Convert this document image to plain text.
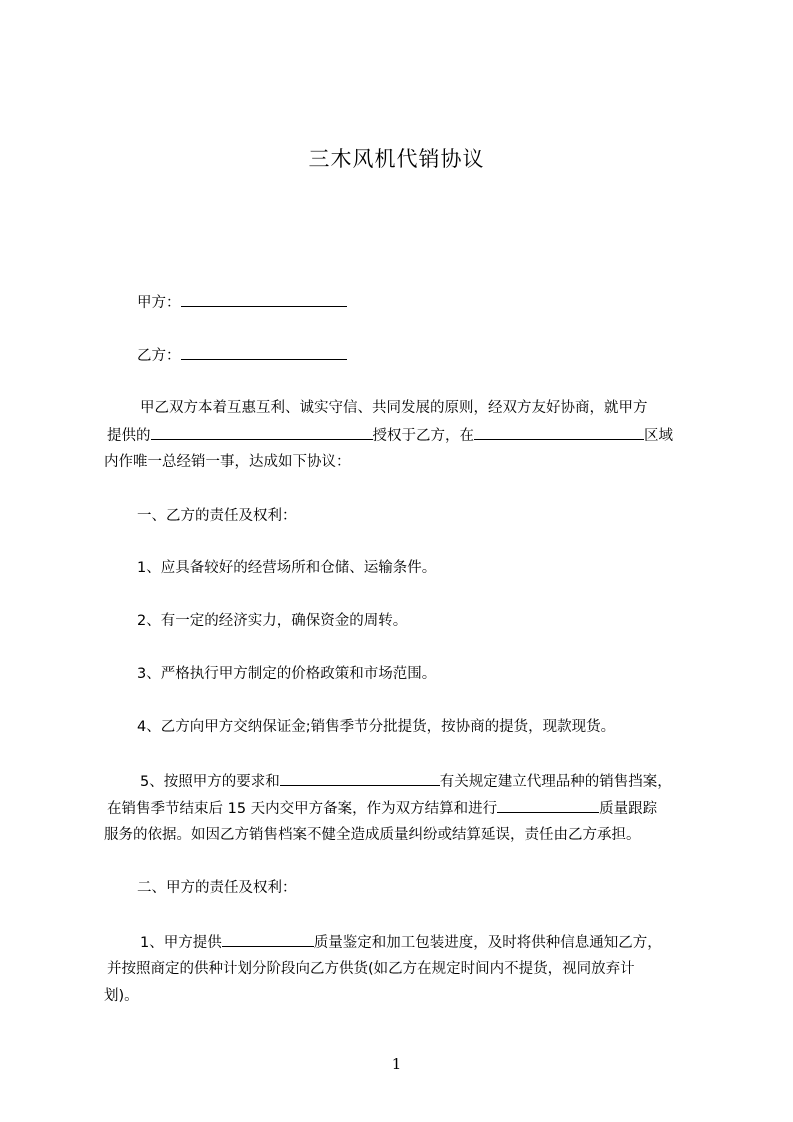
三木风机代销协议
甲方：
乙方：
甲乙双方本着互惠互利、诚实守信、共同发展的原则，经双方友好协商，就甲方
提供的	授权于乙方，在	区域
内作唯一总经销一事，达成如下协议：
一、乙方的责任及权利：
1、应具备较好的经营场所和仓储、运输条件。
2、有一定的经济实力，确保资金的周转。
3、严格执行甲方制定的价格政策和市场范围。
4、乙方向甲方交纳保证金;销售季节分批提货，按协商的提货，现款现货。
5、按照甲方的要求和	有关规定建立代理品种的销售挡案，
在销售季节结束后 15 天内交甲方备案，作为双方结算和进行	质量跟踪
服务的依据。如因乙方销售档案不健全造成质量纠纷或结算延误，责任由乙方承担。
二、甲方的责任及权利：
1、甲方提供	质量鉴定和加工包装进度，及时将供种信息通知乙方，
并按照商定的供种计划分阶段向乙方供货(如乙方在规定时间内不提货，视同放弃计
划)。
1
